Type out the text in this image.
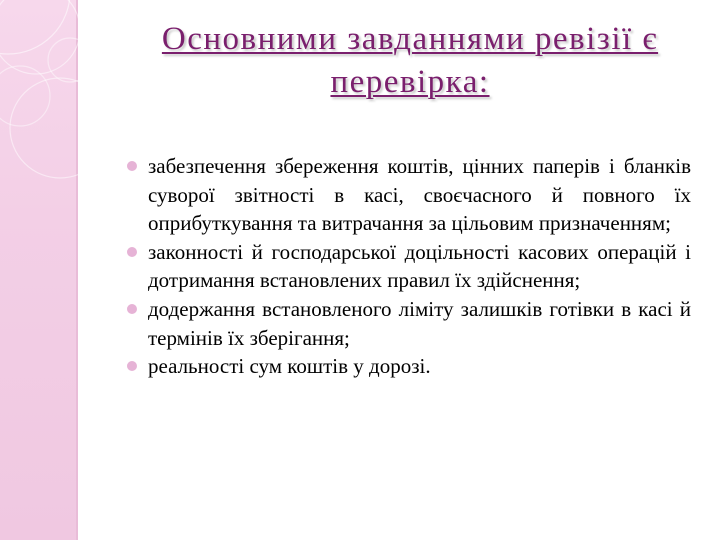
Основними завданнями ревізії є перевірка:
забезпечення збереження коштів, цінних паперів і бланків суворої звітності в касі, своєчасного й повного їх оприбуткування та витрачання за цільовим призначенням;
законності й господарської доцільності касових операцій і дотримання встановлених правил їх здійснення;
додержання встановленого ліміту залишків готівки в касі й термінів їх зберігання;
реальності сум коштів у дорозі.
